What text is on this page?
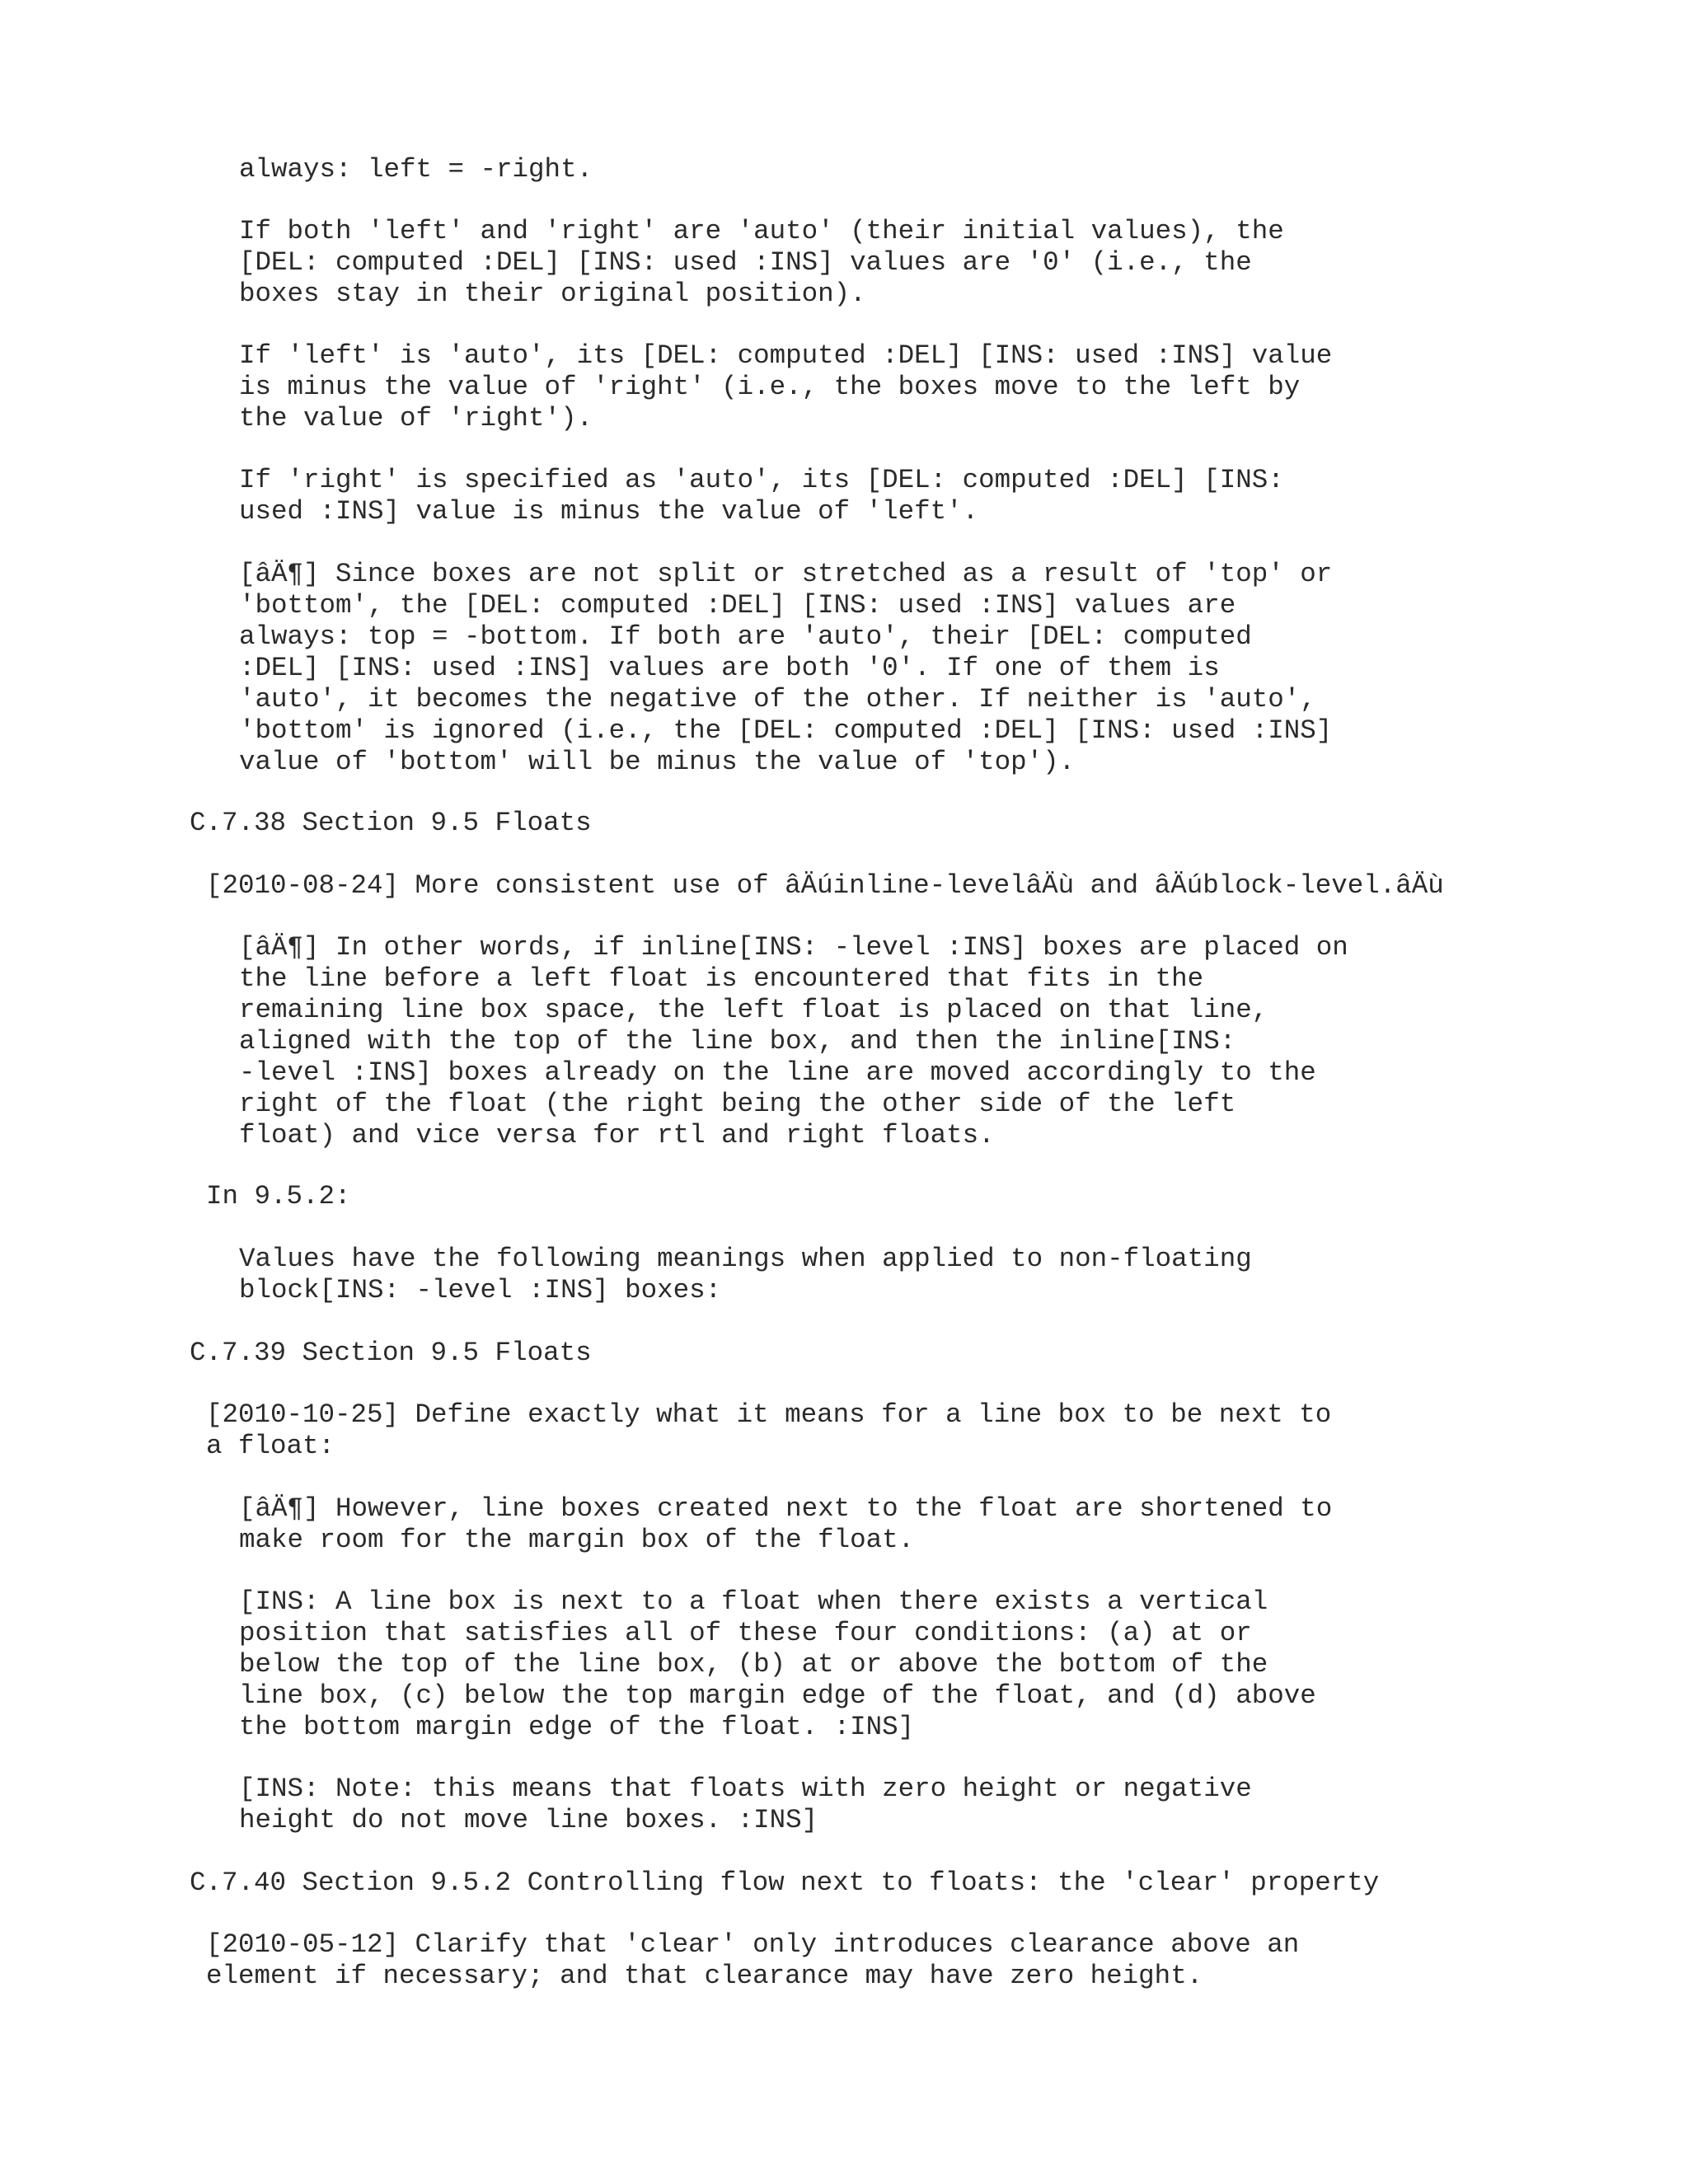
always: left = -right.

If both 'left' and 'right' are 'auto' (their initial values), the
[DEL: computed :DEL] [INS: used :INS] values are '0' (i.e., the
boxes stay in their original position).

If 'left' is 'auto', its [DEL: computed :DEL] [INS: used :INS] value
is minus the value of 'right' (i.e., the boxes move to the left by
the value of 'right').

If 'right' is specified as 'auto', its [DEL: computed :DEL] [INS:
used :INS] value is minus the value of 'left'.

[âÄ¶] Since boxes are not split or stretched as a result of 'top' or
'bottom', the [DEL: computed :DEL] [INS: used :INS] values are
always: top = -bottom. If both are 'auto', their [DEL: computed
:DEL] [INS: used :INS] values are both '0'. If one of them is
'auto', it becomes the negative of the other. If neither is 'auto',
'bottom' is ignored (i.e., the [DEL: computed :DEL] [INS: used :INS]
value of 'bottom' will be minus the value of 'top').

C.7.38 Section 9.5 Floats

[2010-08-24] More consistent use of âÄúinline-levelâÄù and âÄúblock-level.âÄù

[âÄ¶] In other words, if inline[INS: -level :INS] boxes are placed on
the line before a left float is encountered that fits in the
remaining line box space, the left float is placed on that line,
aligned with the top of the line box, and then the inline[INS:
-level :INS] boxes already on the line are moved accordingly to the
right of the float (the right being the other side of the left
float) and vice versa for rtl and right floats.

In 9.5.2:

Values have the following meanings when applied to non-floating
block[INS: -level :INS] boxes:

C.7.39 Section 9.5 Floats

[2010-10-25] Define exactly what it means for a line box to be next to
a float:

[âÄ¶] However, line boxes created next to the float are shortened to
make room for the margin box of the float.

[INS: A line box is next to a float when there exists a vertical
position that satisfies all of these four conditions: (a) at or
below the top of the line box, (b) at or above the bottom of the
line box, (c) below the top margin edge of the float, and (d) above
the bottom margin edge of the float. :INS]

[INS: Note: this means that floats with zero height or negative
height do not move line boxes. :INS]

C.7.40 Section 9.5.2 Controlling flow next to floats: the 'clear' property

[2010-05-12] Clarify that 'clear' only introduces clearance above an
element if necessary; and that clearance may have zero height.
